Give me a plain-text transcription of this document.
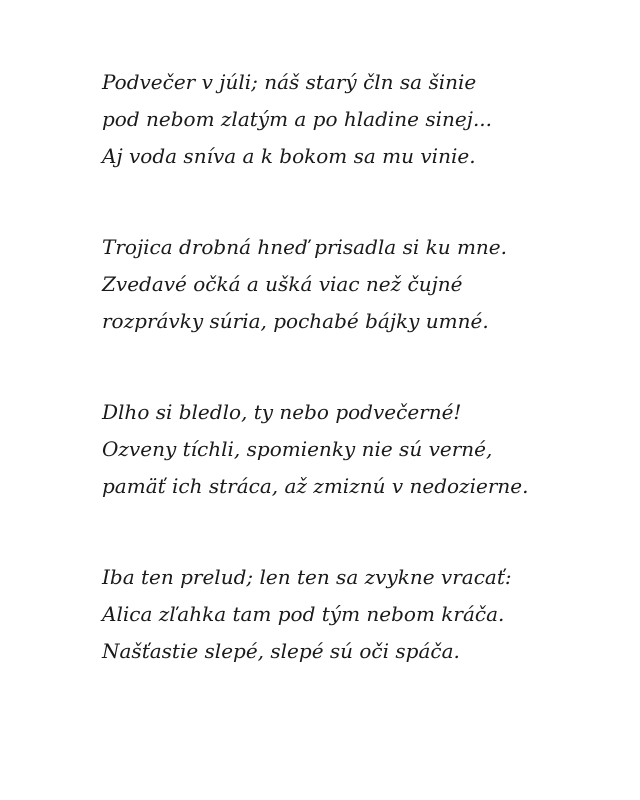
Podvečer v júli; náš starý čln sa šinie
pod nebom zlatým a po hladine sinej...
Aj voda sníva a k bokom sa mu vinie.
Trojica drobná hneď prisadla si ku mne.
Zvedavé očká a ušká viac než čujné
rozprávky súria, pochabé bájky umné.
Dlho si bledlo, ty nebo podvečerné!
Ozveny tíchli, spomienky nie sú verné,
pamäť ich stráca, až zmiznú v nedozierne.
Iba ten prelud; len ten sa zvykne vracať:
Alica zľahka tam pod tým nebom kráča.
Našťastie slepé, slepé sú oči spáča.
